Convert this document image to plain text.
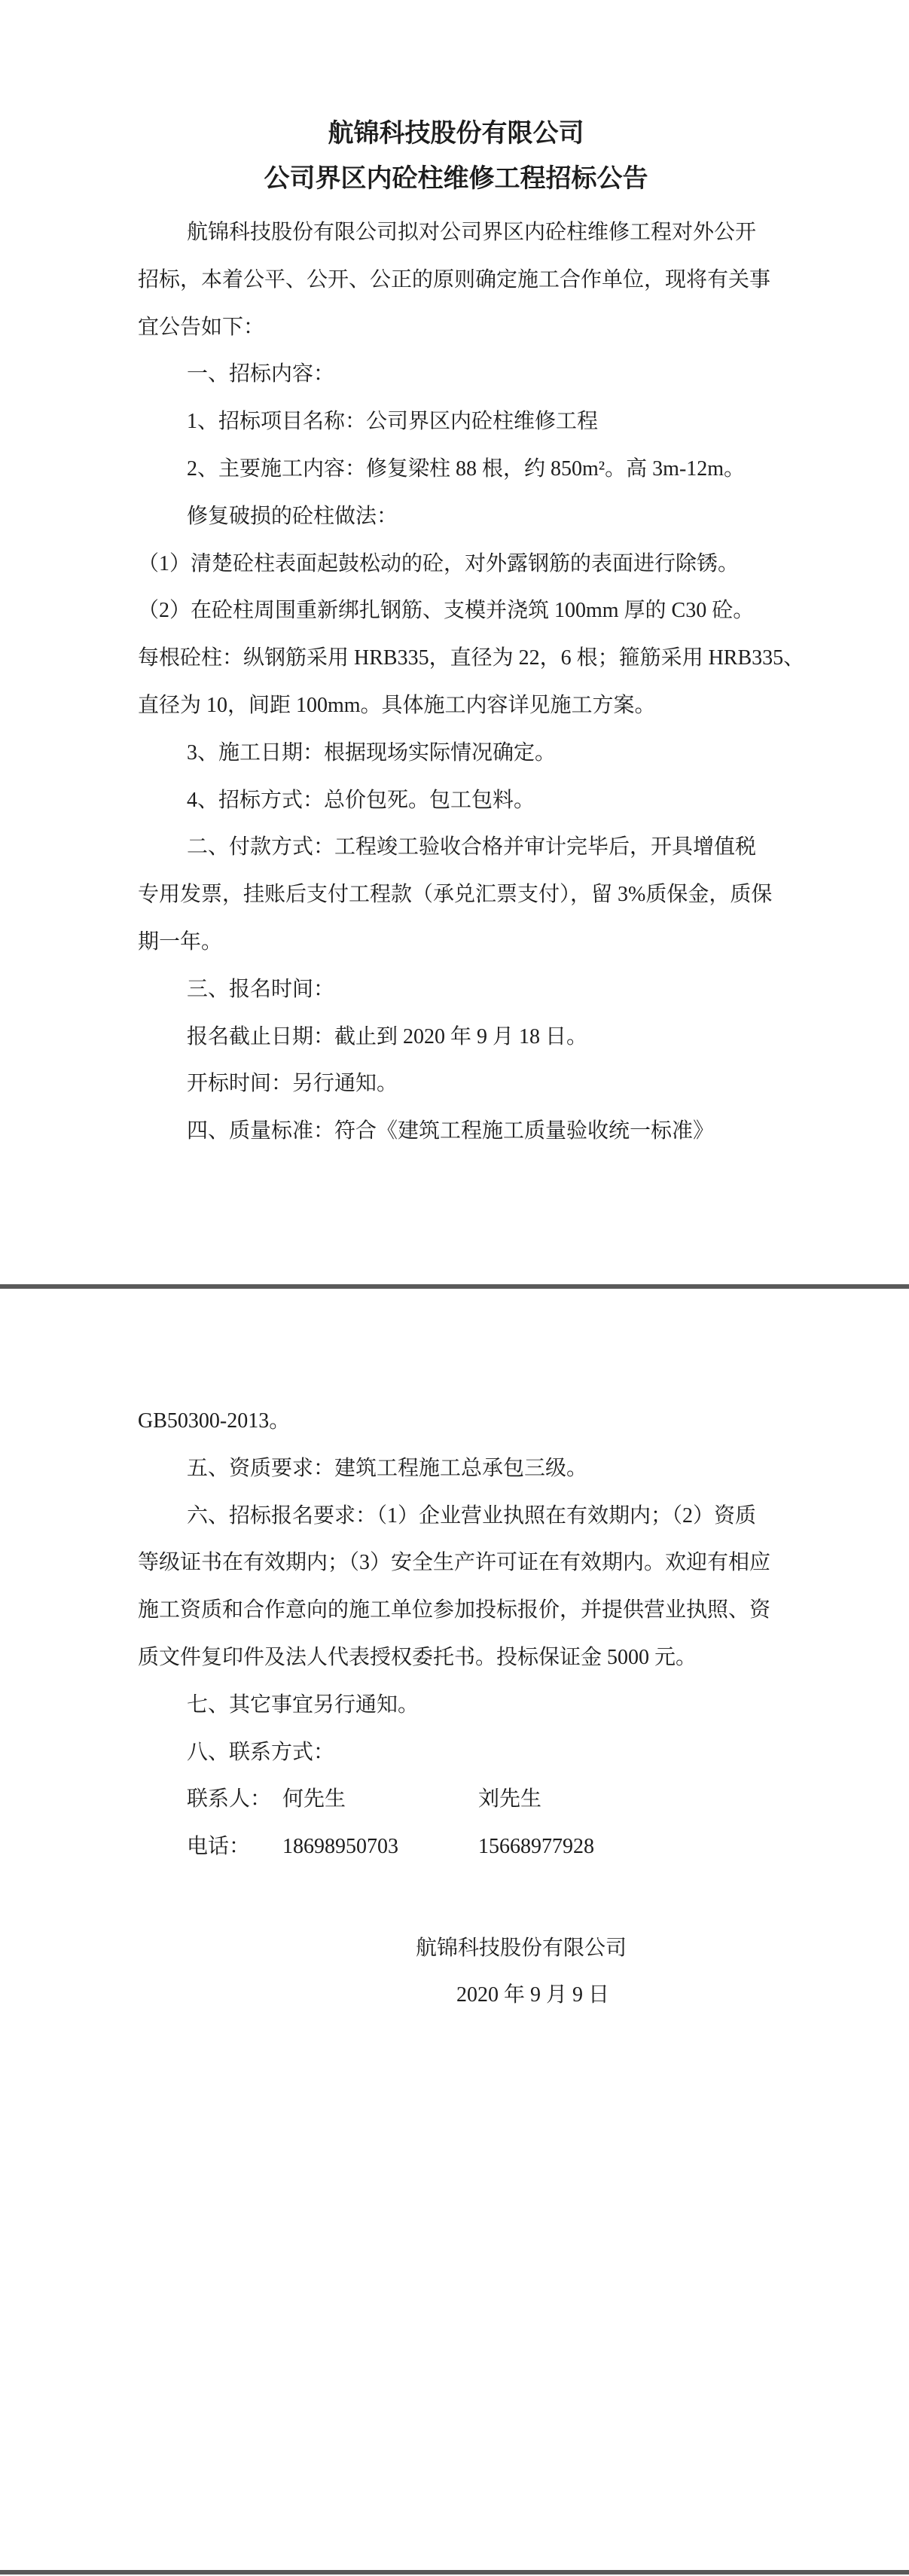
航锦科技股份有限公司
公司界区内砼柱维修工程招标公告
航锦科技股份有限公司拟对公司界区内砼柱维修工程对外公开
招标，本着公平、公开、公正的原则确定施工合作单位，现将有关事
宜公告如下：
一、招标内容：
1、招标项目名称：公司界区内砼柱维修工程
2、主要施工内容：修复梁柱 88 根，约 850m²。高 3m-12m。
修复破损的砼柱做法：
（1）清楚砼柱表面起鼓松动的砼，对外露钢筋的表面进行除锈。
（2）在砼柱周围重新绑扎钢筋、支模并浇筑 100mm 厚的 C30 砼。
每根砼柱：纵钢筋采用 HRB335，直径为 22，6 根；箍筋采用 HRB335、
直径为 10，间距 100mm。具体施工内容详见施工方案。
3、施工日期：根据现场实际情况确定。
4、招标方式：总价包死。包工包料。
二、付款方式：工程竣工验收合格并审计完毕后，开具增值税
专用发票，挂账后支付工程款（承兑汇票支付），留 3%质保金，质保
期一年。
三、报名时间：
报名截止日期：截止到 2020 年 9 月 18 日。
开标时间：另行通知。
四、质量标准：符合《建筑工程施工质量验收统一标准》
GB50300-2013。
五、资质要求：建筑工程施工总承包三级。
六、招标报名要求：（1）企业营业执照在有效期内；（2）资质
等级证书在有效期内；（3）安全生产许可证在有效期内。欢迎有相应
施工资质和合作意向的施工单位参加投标报价，并提供营业执照、资
质文件复印件及法人代表授权委托书。投标保证金 5000 元。
七、其它事宜另行通知。
八、联系方式：
联系人： 何先生	刘先生
电话： 18698950703	15668977928
航锦科技股份有限公司
2020 年 9 月 9 日
